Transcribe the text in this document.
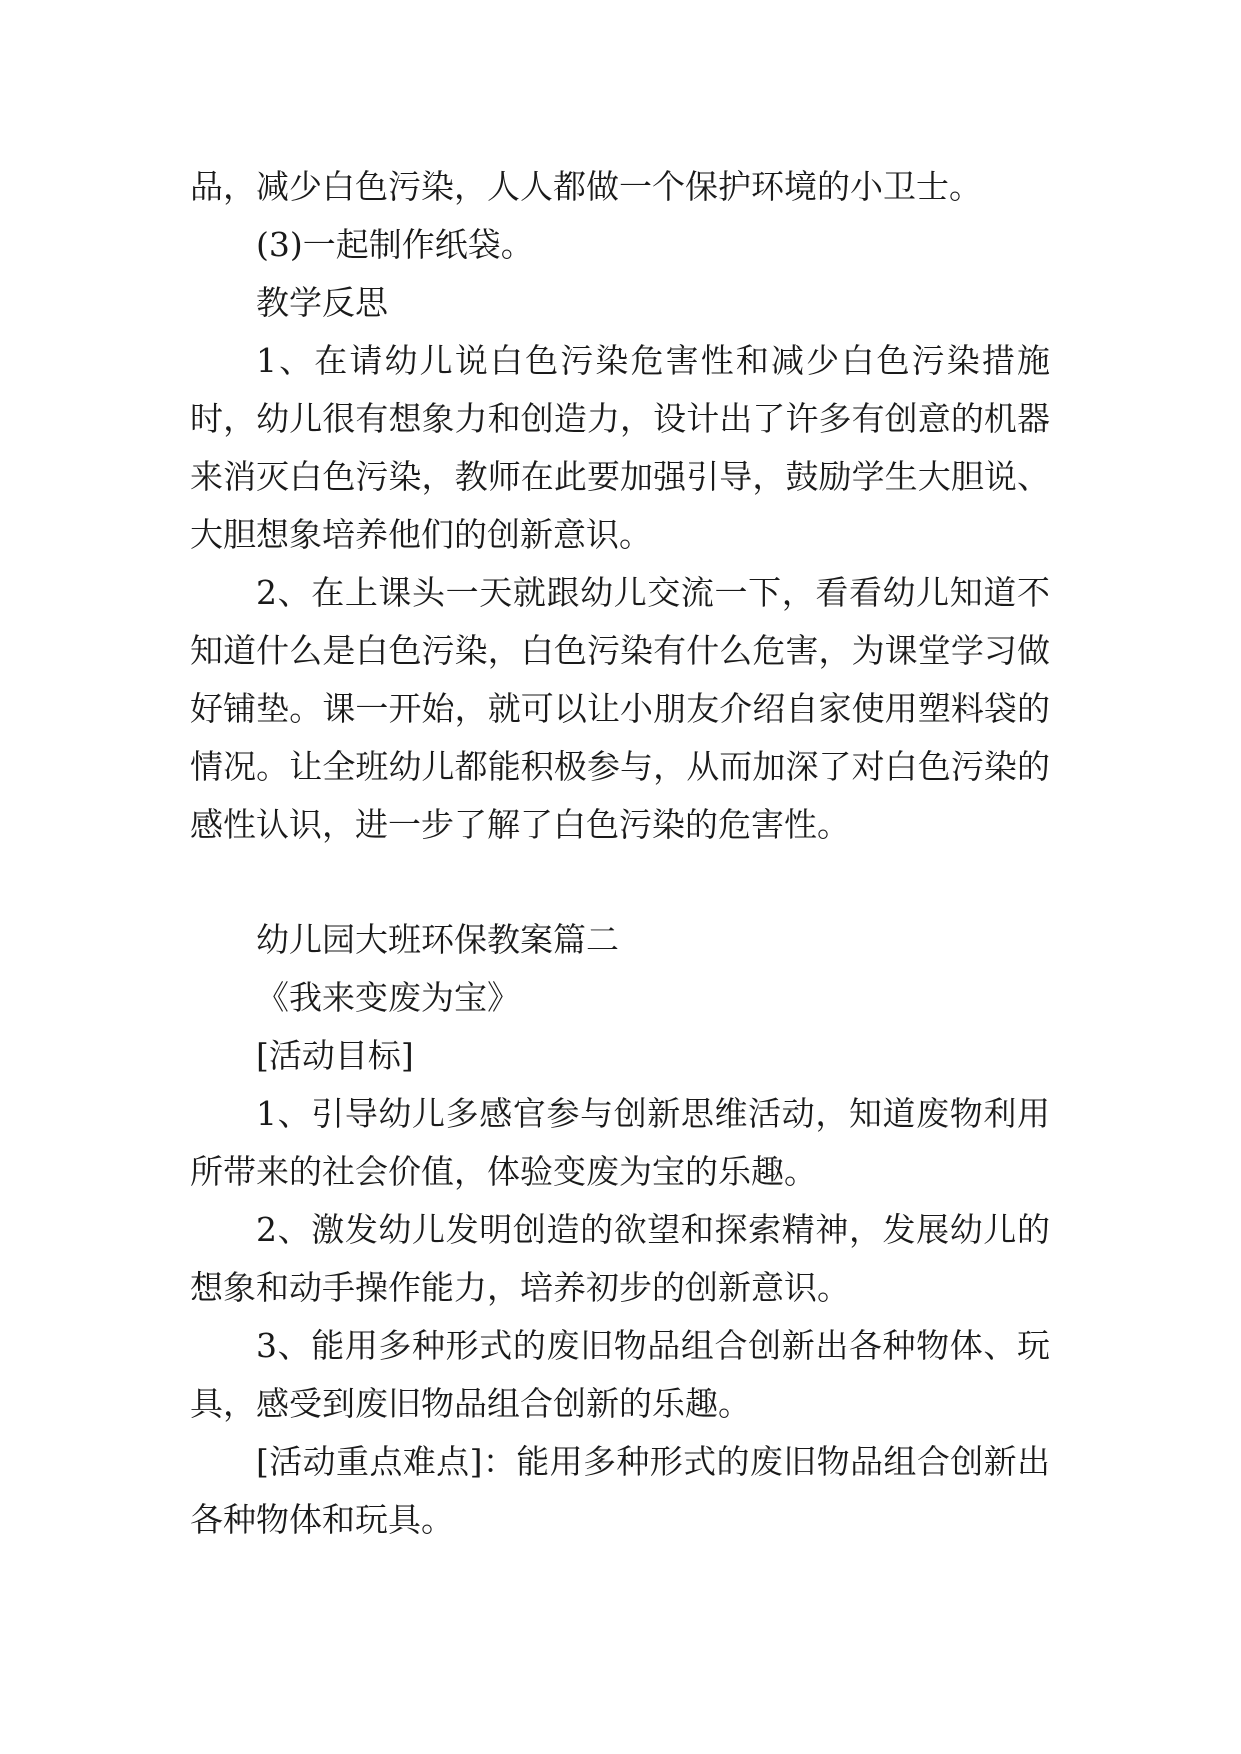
品，减少白色污染，人人都做一个保护环境的小卫士。

(3)一起制作纸袋。

教学反思

1、在请幼儿说白色污染危害性和减少白色污染措施时，幼儿很有想象力和创造力，设计出了许多有创意的机器来消灭白色污染，教师在此要加强引导，鼓励学生大胆说、大胆想象培养他们的创新意识。

2、在上课头一天就跟幼儿交流一下，看看幼儿知道不知道什么是白色污染，白色污染有什么危害，为课堂学习做好铺垫。课一开始，就可以让小朋友介绍自家使用塑料袋的情况。让全班幼儿都能积极参与，从而加深了对白色污染的感性认识，进一步了解了白色污染的危害性。

幼儿园大班环保教案篇二

《我来变废为宝》

[活动目标]

1、引导幼儿多感官参与创新思维活动，知道废物利用所带来的社会价值，体验变废为宝的乐趣。

2、激发幼儿发明创造的欲望和探索精神，发展幼儿的想象和动手操作能力，培养初步的创新意识。

3、能用多种形式的废旧物品组合创新出各种物体、玩具，感受到废旧物品组合创新的乐趣。

[活动重点难点]：能用多种形式的废旧物品组合创新出各种物体和玩具。
